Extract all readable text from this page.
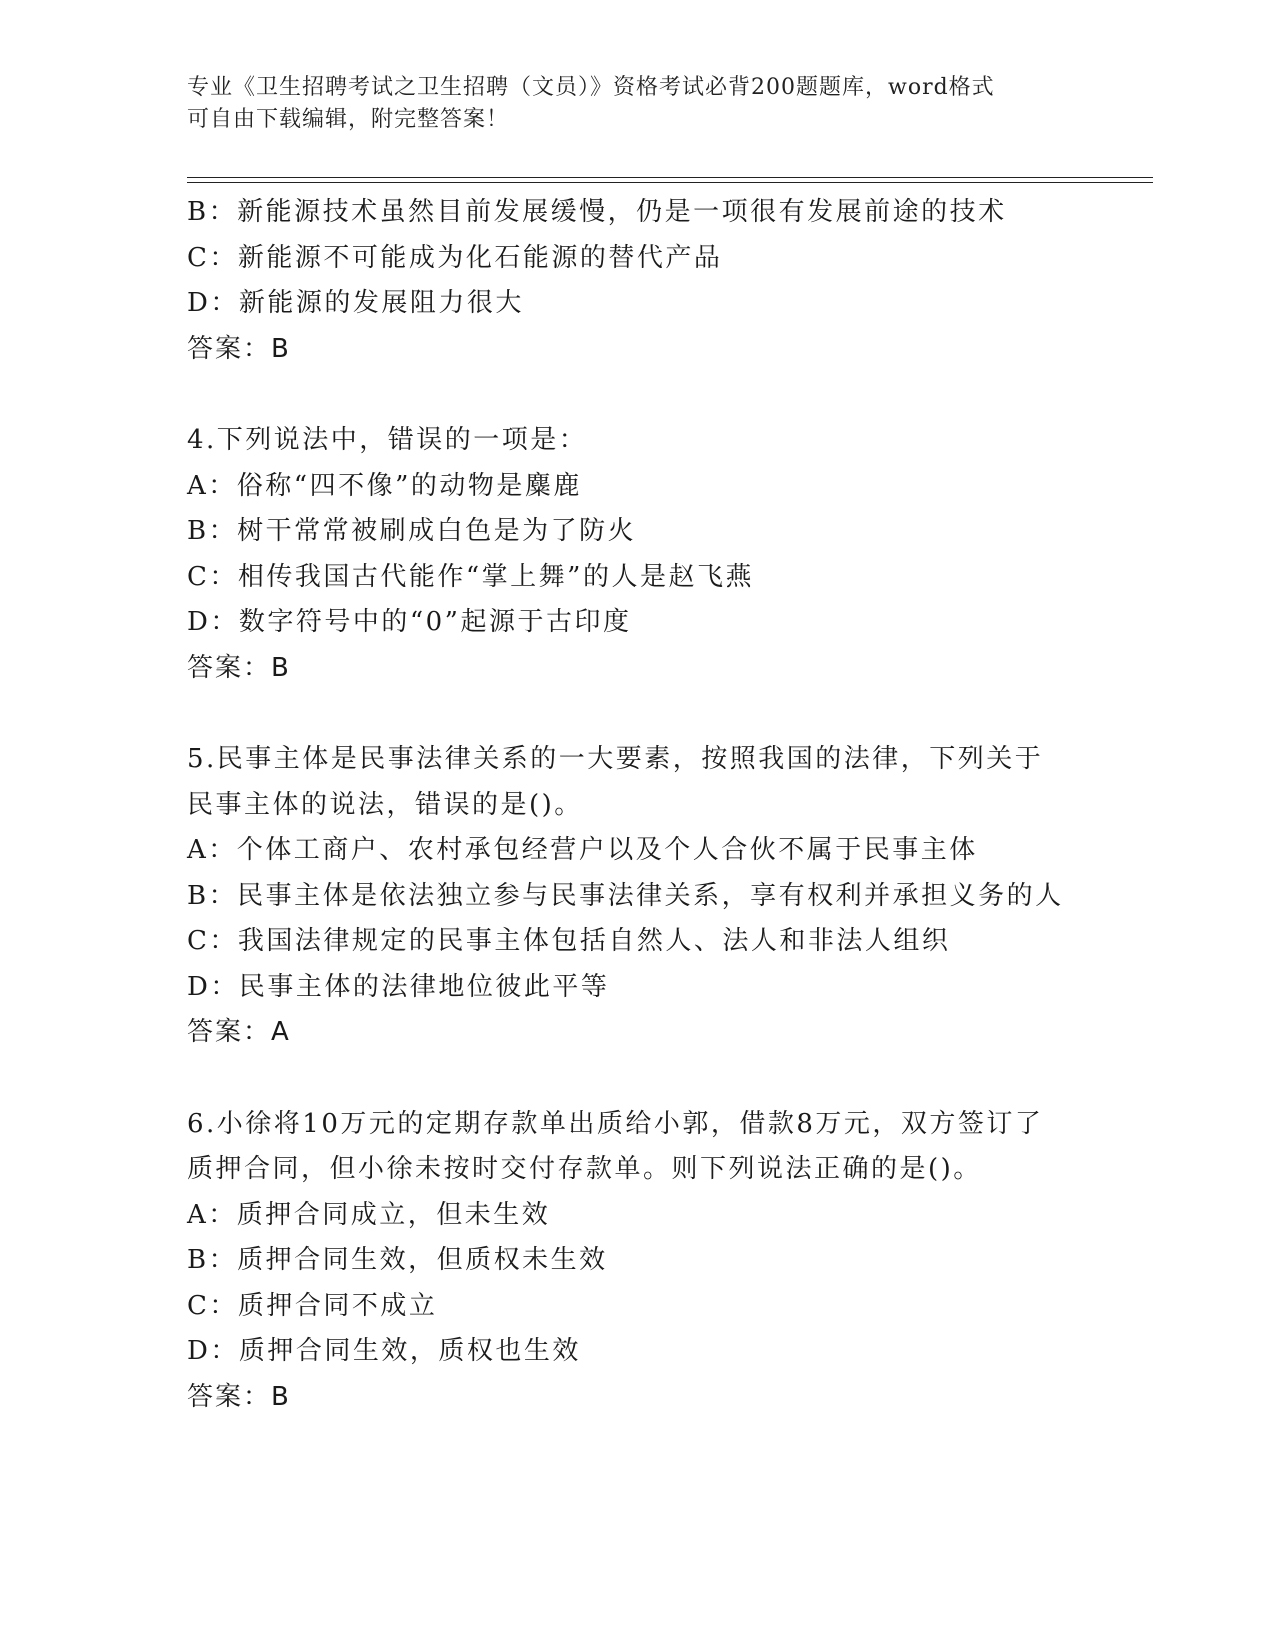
专业《卫生招聘考试之卫生招聘（文员）》资格考试必背200题题库，word格式
可自由下载编辑，附完整答案！
B：新能源技术虽然目前发展缓慢，仍是一项很有发展前途的技术
C：新能源不可能成为化石能源的替代产品
D：新能源的发展阻力很大
答案：B
4.下列说法中，错误的一项是：
A：俗称“四不像”的动物是麋鹿
B：树干常常被刷成白色是为了防火
C：相传我国古代能作“掌上舞”的人是赵飞燕
D：数字符号中的“0”起源于古印度
答案：B
5.民事主体是民事法律关系的一大要素，按照我国的法律，下列关于
民事主体的说法，错误的是()。
A：个体工商户、农村承包经营户以及个人合伙不属于民事主体
B：民事主体是依法独立参与民事法律关系，享有权利并承担义务的人
C：我国法律规定的民事主体包括自然人、法人和非法人组织
D：民事主体的法律地位彼此平等
答案：A
6.小徐将10万元的定期存款单出质给小郭，借款8万元，双方签订了
质押合同，但小徐未按时交付存款单。则下列说法正确的是()。
A：质押合同成立，但未生效
B：质押合同生效，但质权未生效
C：质押合同不成立
D：质押合同生效，质权也生效
答案：B
